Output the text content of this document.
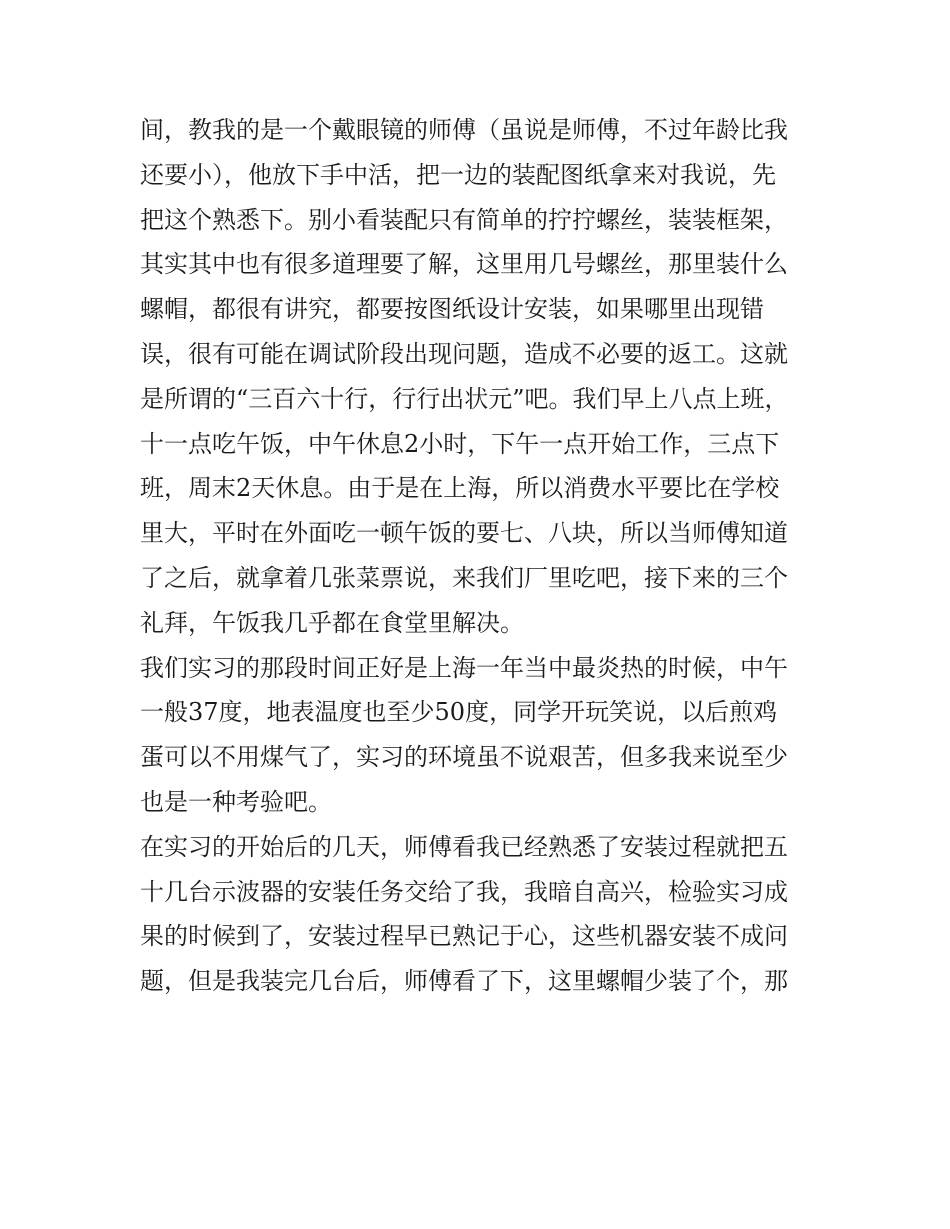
间，教我的是一个戴眼镜的师傅（虽说是师傅，不过年龄比我
还要小），他放下手中活，把一边的装配图纸拿来对我说，先
把这个熟悉下。别小看装配只有简单的拧拧螺丝，装装框架，
其实其中也有很多道理要了解，这里用几号螺丝，那里装什么
螺帽，都很有讲究，都要按图纸设计安装，如果哪里出现错
误，很有可能在调试阶段出现问题，造成不必要的返工。这就
是所谓的“三百六十行，行行出状元”吧。我们早上八点上班，
十一点吃午饭，中午休息2小时，下午一点开始工作，三点下
班，周末2天休息。由于是在上海，所以消费水平要比在学校
里大，平时在外面吃一顿午饭的要七、八块，所以当师傅知道
了之后，就拿着几张菜票说，来我们厂里吃吧，接下来的三个
礼拜，午饭我几乎都在食堂里解决。
我们实习的那段时间正好是上海一年当中最炎热的时候，中午
一般37度，地表温度也至少50度，同学开玩笑说，以后煎鸡
蛋可以不用煤气了，实习的环境虽不说艰苦，但多我来说至少
也是一种考验吧。
在实习的开始后的几天，师傅看我已经熟悉了安装过程就把五
十几台示波器的安装任务交给了我，我暗自高兴，检验实习成
果的时候到了，安装过程早已熟记于心，这些机器安装不成问
题，但是我装完几台后，师傅看了下，这里螺帽少装了个，那
